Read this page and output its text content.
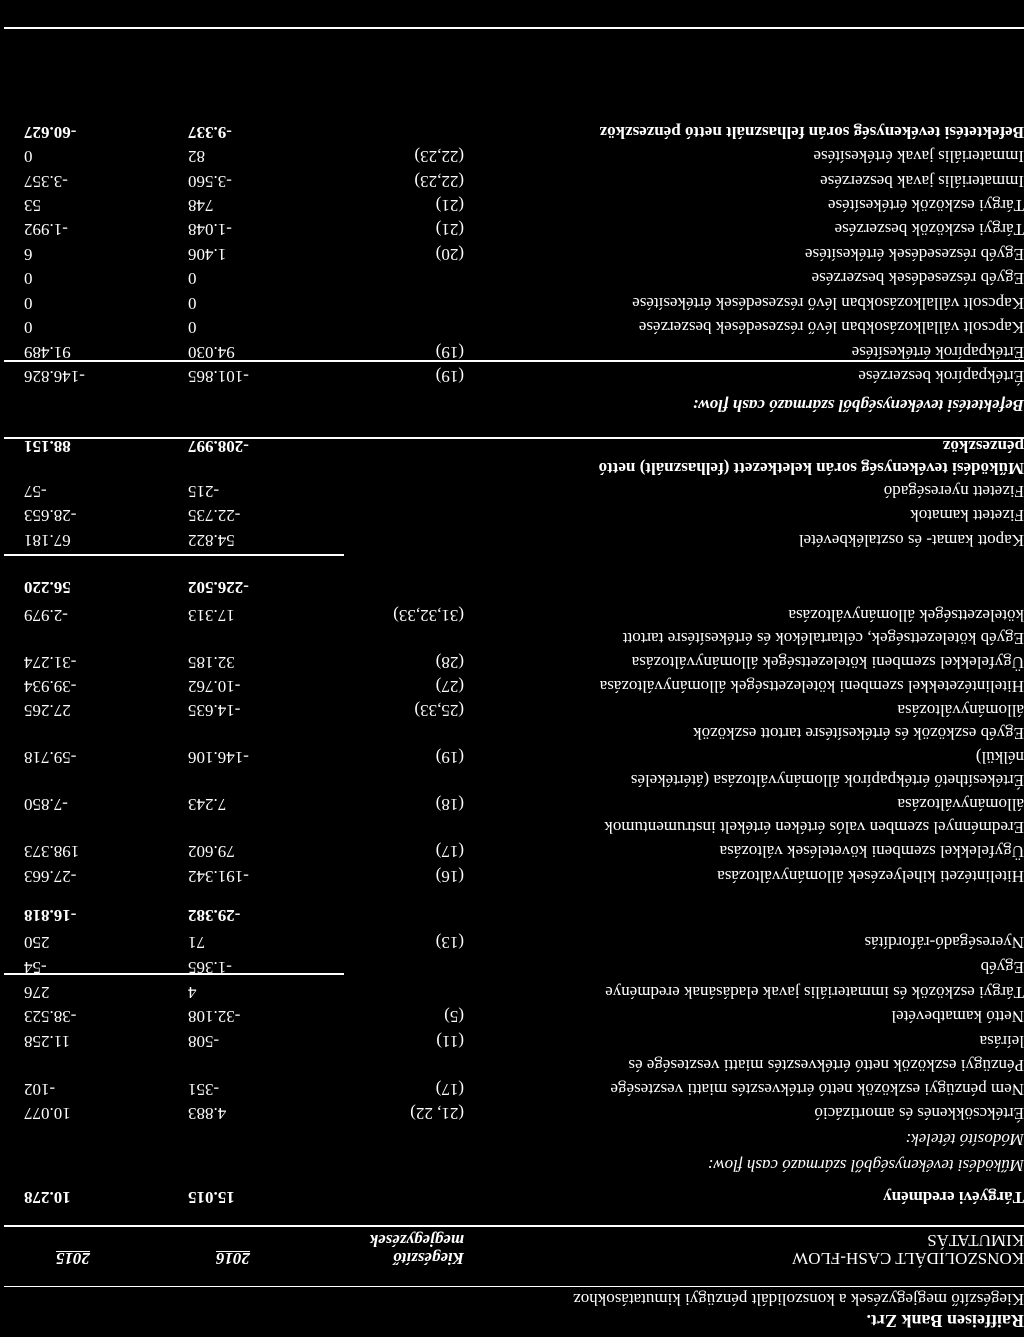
Raiffeisen Bank Zrt.
Kiegészítő megjegyzések a konszolidált pénzügyi kimutatásokhoz
KONSZOLIDÁLT CASH-FLOW
KIMUTATÁS
Kiegészítő
megjegyzések
2016
2015
Tárgyévi eredmény
15.015
10.278
Működési tevékenységből származó cash flow:
Módosító tételek:
Értékcsökkenés és amortizáció
(21, 22)
4.883
10.077
Nem pénzügyi eszközök nettó értékvesztés miatti vesztesége
(17)
-351
-102
Pénzügyi eszközök nettó értékvesztés miatti vesztesége és
leírása
(11)
-508
11.258
Nettó kamatbevétel
(5)
-32.108
-38.523
Tárgyi eszközök és immateriális javak eladásának eredménye
4
276
Egyéb
-1.365
-54
Nyereségadó-ráfordítás
(13)
71
250
-29.382
-16.818
Hitelintézeti kihelyezések állományváltozása
(16)
-191.342
-27.663
Ügyfelekkel szembeni követelések változása
(17)
79.602
198.373
Eredménnyel szemben valós értéken értékelt instrumentumok
állományváltozása
(18)
7.243
-7.850
Értékesíthető értékpapírok állományváltozása (átértékelés
nélkül)
(19)
-146.106
-59.718
Egyéb eszközök és értékesítésre tartott eszközök
állományváltozása
(25,33)
-14.635
27.265
Hitelintézetekkel szembeni kötelezettségek állományváltozása
(27)
-10.762
-39.934
Ügyfelekkel szembeni kötelezettségek állományváltozása
(28)
32.185
-31.274
Egyéb kötelezettségek, céltartalékok és értékesítésre tartott
kötelezettségek állományváltozása
(31,32,33)
17.313
-2.979
-226.502
56.220
Kapott kamat- és osztalékbevétel
54.822
67.181
Fizetett kamatok
-22.735
-28.653
Fizetett nyereségadó
-215
-57
Működési tevékenység során keletkezett (felhasznált) nettó
pénzeszköz
-208.997
88.151
Befektetési tevékenységből származó cash flow:
Értékpapírok beszerzése
(19)
-101.865
-146.826
Értékpapírok értékesítése
(19)
94.030
91.489
Kapcsolt vállalkozásokban lévő részesedések beszerzése
0
0
Kapcsolt vállalkozásokban lévő részesedések értékesítése
0
0
Egyéb részesedések beszerzése
0
0
Egyéb részesedések értékesítése
(20)
1.406
6
Tárgyi eszközök beszerzése
(21)
-1.048
-1.992
Tárgyi eszközök értékesítése
(21)
748
53
Immateriális javak beszerzése
(22,23)
-3.560
-3.357
Immateriális javak értékesítése
(22,23)
82
0
Befektetési tevékenység során felhasznált nettó pénzeszköz
-9.337
-60.627
